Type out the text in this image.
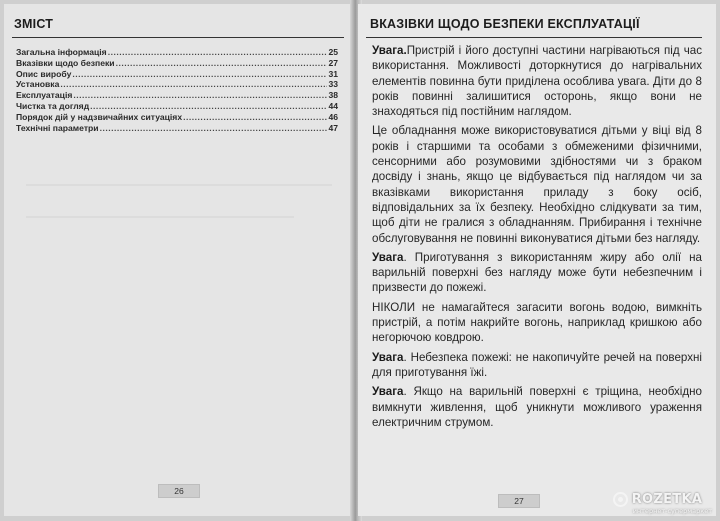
ЗМІСТ
Загальна інформація .....	25
Вказівки щодо безпеки .....	27
Опис виробу .....	31
Установка .....	33
Експлуатація .....	38
Чистка та догляд .....	44
Порядок дій у надзвичайних ситуаціях .....	46
Технічні параметри .....	47
26
ВКАЗІВКИ ЩОДО БЕЗПЕКИ ЕКСПЛУАТАЦІЇ

Увага.Пристрій і його доступні частини нагріваються під час використання. Можливості доторкнутися до нагрівальних елементів повинна бути приділена особлива увага. Діти до 8 років повинні залишитися осторонь, якщо вони не знаходяться під постійним наглядом.

Це обладнання може використовуватися дітьми у віці від 8 років і старшими та особами з обмеженими фізичними, сенсорними або розумовими здібностями чи з браком досвіду і знань, якщо це відбувається під наглядом чи за вказівками використання приладу з боку осіб, відповідальних за їх безпеку. Необхідно слідкувати за тим, щоб діти не гралися з обладнанням. Прибирання і технічне обслуговування не повинні виконуватися дітьми без нагляду.

Увага. Приготування з використанням жиру або олії на варильній поверхні без нагляду може бути небезпечним і призвести до пожежі.

НІКОЛИ не намагайтеся загасити вогонь водою, вимкніть пристрій, а потім накрийте вогонь, наприклад кришкою або негорючою ковдрою.

Увага. Небезпека пожежі: не накопичуйте речей на поверхні для приготування їжі.

Увага. Якщо на варильній поверхні є тріщина, необхідно вимкнути живлення, щоб уникнути можливого ураження електричним струмом.

27	ROZETKA
интернет-супермаркет
